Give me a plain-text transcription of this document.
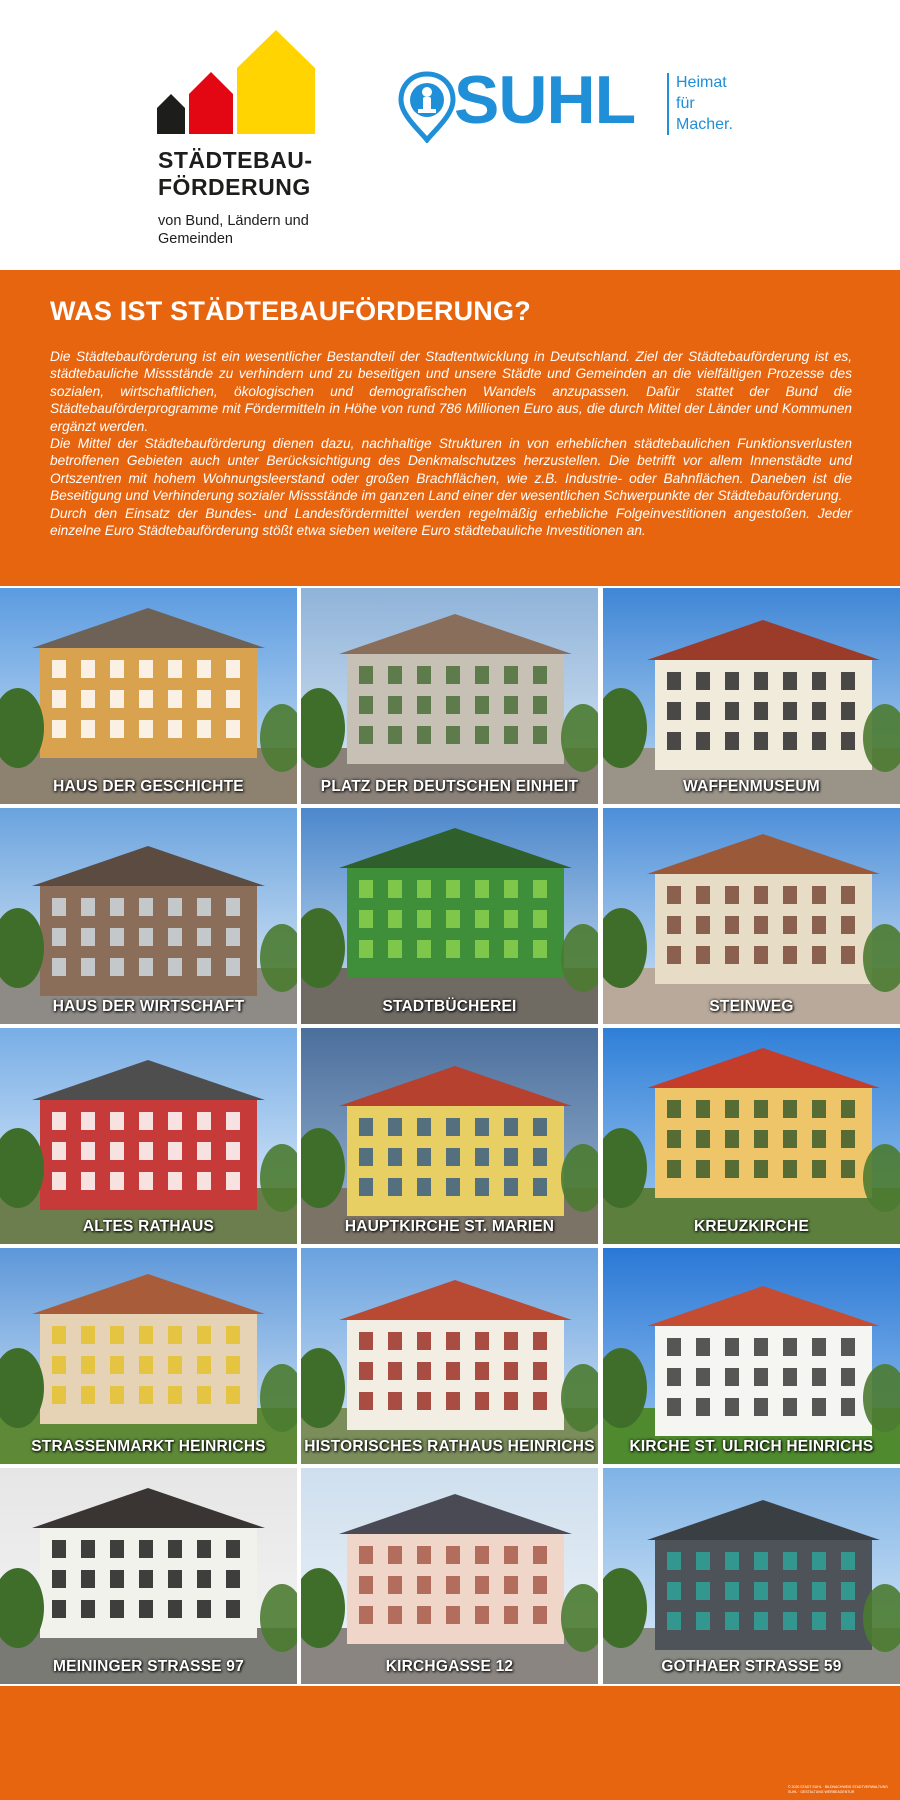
STÄDTEBAU-
FÖRDERUNG
von Bund, Ländern und Gemeinden
SUHL	Heimat
für
Macher.
WAS IST STÄDTEBAUFÖRDERUNG?

Die Städtebauförderung ist ein wesentlicher Bestandteil der Stadtentwicklung in Deutschland. Ziel der Städtebauförderung ist es, städtebauliche Missstände zu verhindern und zu beseitigen und unsere Städte und Gemeinden an die vielfältigen Prozesse des sozialen, wirtschaftlichen, ökologischen und demografischen Wandels anzupassen. Dafür stattet der Bund die Städtebauförderprogramme mit Fördermitteln in Höhe von rund 786 Millionen Euro aus, die durch Mittel der Länder und Kommunen ergänzt werden.

Die Mittel der Städtebauförderung dienen dazu, nachhaltige Strukturen in von erheblichen städtebaulichen Funktionsverlusten betroffenen Gebieten auch unter Berücksichtigung des Denkmalschutzes herzustellen. Die betrifft vor allem Innenstädte und Ortszentren mit hohem Wohnungsleerstand oder großen Brachflächen, wie z.B. Industrie- oder Bahnflächen. Daneben ist die Beseitigung und Verhinderung sozialer Missstände im ganzen Land einer der wesentlichen Schwerpunkte der Städtebauförderung.

Durch den Einsatz der Bundes- und Landesfördermittel werden regelmäßig erhebliche Folgeinvestitionen angestoßen. Jeder einzelne Euro Städtebauförderung stößt etwa sieben weitere Euro städtebauliche Investitionen an.

HAUS DER GESCHICHTE	PLATZ DER DEUTSCHEN EINHEIT	WAFFENMUSEUM
HAUS DER WIRTSCHAFT	STADTBÜCHEREI	STEINWEG
ALTES RATHAUS	HAUPTKIRCHE ST. MARIEN	KREUZKIRCHE
STRASSENMARKT HEINRICHS	HISTORISCHES RATHAUS HEINRICHS	KIRCHE ST. ULRICH HEINRICHS
MEININGER STRASSE 97	KIRCHGASSE 12	GOTHAER STRASSE 59
© 2020 STADT SUHL · BILDNACHWEIS STADTVERWALTUNG SUHL · GESTALTUNG WERBEAGENTUR
